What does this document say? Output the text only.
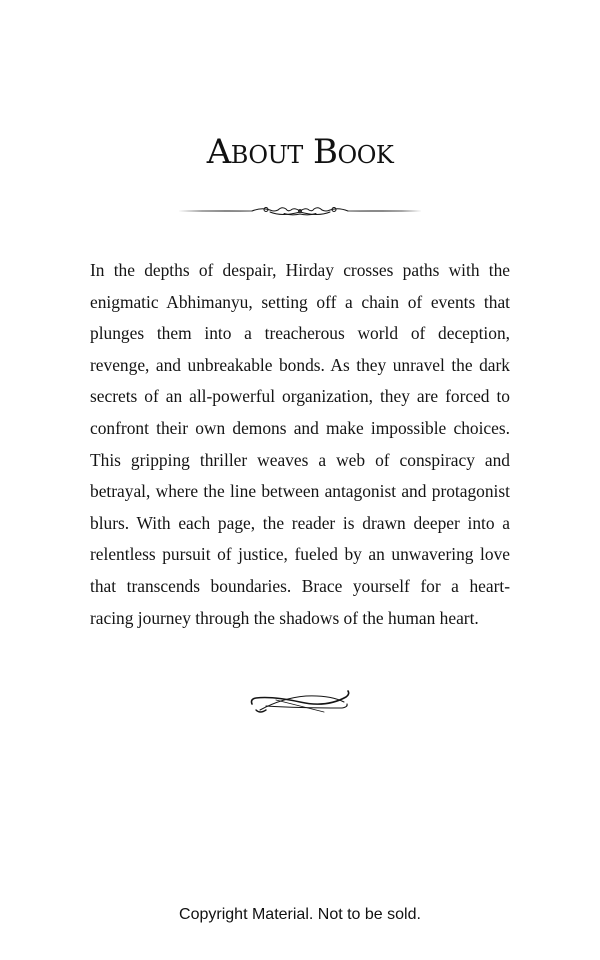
About Book

In the depths of despair, Hirday crosses paths with the enigmatic Abhimanyu, setting off a chain of events that plunges them into a treacherous world of deception, revenge, and unbreakable bonds. As they unravel the dark secrets of an all-powerful organization, they are forced to confront their own demons and make impossible choices. This gripping thriller weaves a web of conspiracy and betrayal, where the line between antagonist and protagonist blurs. With each page, the reader is drawn deeper into a relentless pursuit of justice, fueled by an unwavering love that transcends boundaries. Brace yourself for a heart-racing journey through the shadows of the human heart.

Copyright Material. Not to be sold.
